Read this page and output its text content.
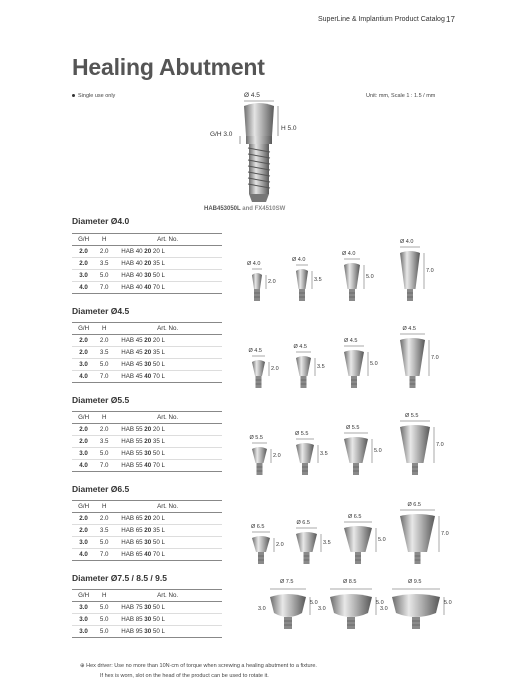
SuperLine & Implantium Product Catalog 17
Healing Abutment
Single use only	Unit: mm, Scale 1 : 1.5 / mm
Ø 4.5
H 5.0
G/H 3.0
HAB453050L and FX4510SW
Diameter Ø4.0
Diameter Ø4.5
Diameter Ø5.5
Diameter Ø6.5
Diameter Ø7.5 / 8.5 / 9.5
G/H	H	Art. No.
2.0	2.0	HAB 40 20 20 L
2.0	3.5	HAB 40 20 35 L
3.0	5.0	HAB 40 30 50 L
4.0	7.0	HAB 40 40 70 L
G/H	H	Art. No.
2.0	2.0	HAB 45 20 20 L
2.0	3.5	HAB 45 20 35 L
3.0	5.0	HAB 45 30 50 L
4.0	7.0	HAB 45 40 70 L
G/H	H	Art. No.
2.0	2.0	HAB 55 20 20 L
2.0	3.5	HAB 55 20 35 L
3.0	5.0	HAB 55 30 50 L
4.0	7.0	HAB 55 40 70 L
G/H	H	Art. No.
2.0	2.0	HAB 65 20 20 L
2.0	3.5	HAB 65 20 35 L
3.0	5.0	HAB 65 30 50 L
4.0	7.0	HAB 65 40 70 L
G/H	H	Art. No.
3.0	5.0	HAB 75 30 50 L
3.0	5.0	HAB 85 30 50 L
3.0	5.0	HAB 95 30 50 L
Ø 4.0
2.0
Ø 4.0
3.5
Ø 4.0
5.0
Ø 4.0
7.0
Ø 4.5
2.0
Ø 4.5
3.5
Ø 4.5
5.0
Ø 4.5
7.0
Ø 5.5
2.0
Ø 5.5
3.5
Ø 5.5
5.0
Ø 5.5
7.0
Ø 6.5
2.0
Ø 6.5
3.5
Ø 6.5
5.0
Ø 6.5
7.0
Ø 7.5
5.0
3.0
Ø 8.5
5.0
3.0
Ø 9.5
5.0
3.0
⊕ Hex driver: Use no more than 10N·cm of torque when screwing a healing abutment to a fixture.
If hex is worn, slot on the head of the product can be used to rotate it.
